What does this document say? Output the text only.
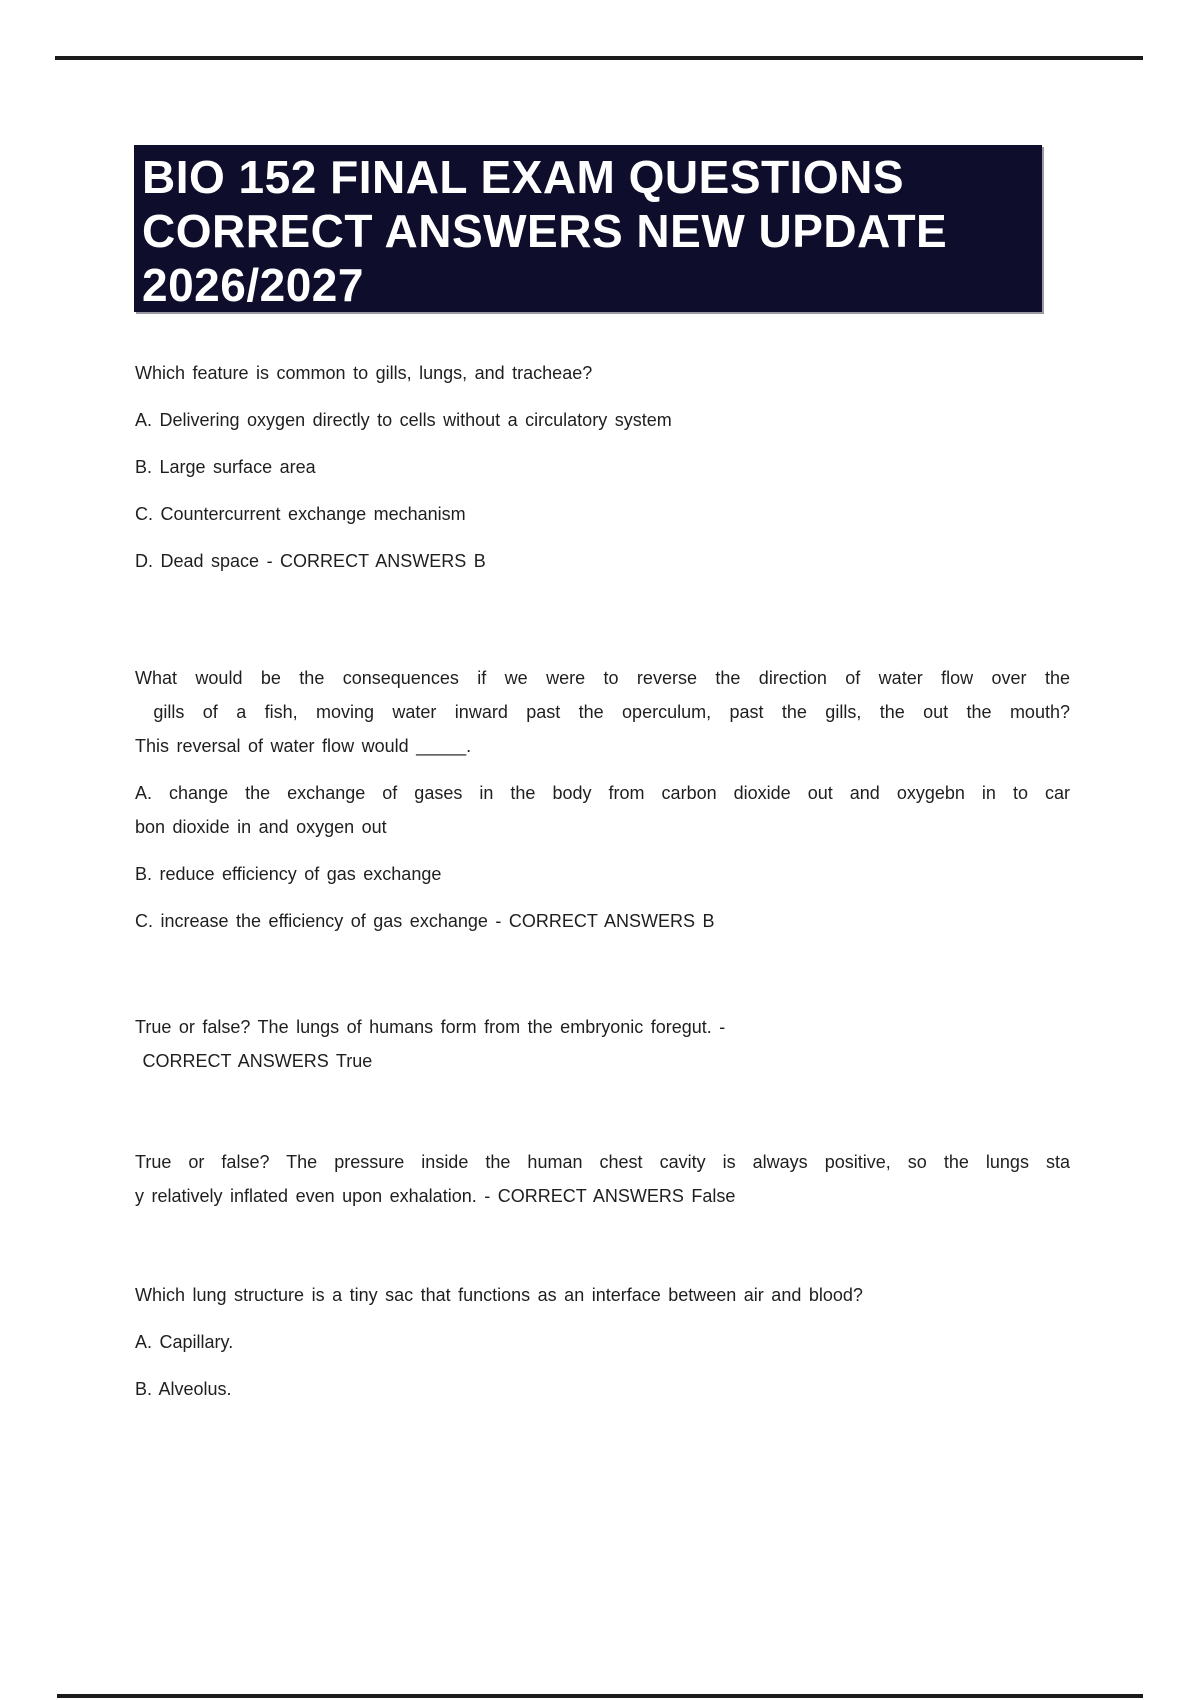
BIO 152 FINAL EXAM QUESTIONS
CORRECT ANSWERS NEW UPDATE
2026/2027
Which feature is common to gills, lungs, and tracheae?
A. Delivering oxygen directly to cells without a circulatory system
B. Large surface area
C. Countercurrent exchange mechanism
D. Dead space - CORRECT ANSWERS B
What would be the consequences if we were to reverse the direction of water flow over the
gills of a fish, moving water inward past the operculum, past the gills, the out the mouth?
This reversal of water flow would _____.
A. change the exchange of gases in the body from carbon dioxide out and oxygebn in to car
bon dioxide in and oxygen out
B. reduce efficiency of gas exchange
C. increase the efficiency of gas exchange - CORRECT ANSWERS B
True or false? The lungs of humans form from the embryonic foregut. -
CORRECT ANSWERS True
True or false? The pressure inside the human chest cavity is always positive, so the lungs sta
y relatively inflated even upon exhalation. - CORRECT ANSWERS False
Which lung structure is a tiny sac that functions as an interface between air and blood?
A. Capillary.
B. Alveolus.
